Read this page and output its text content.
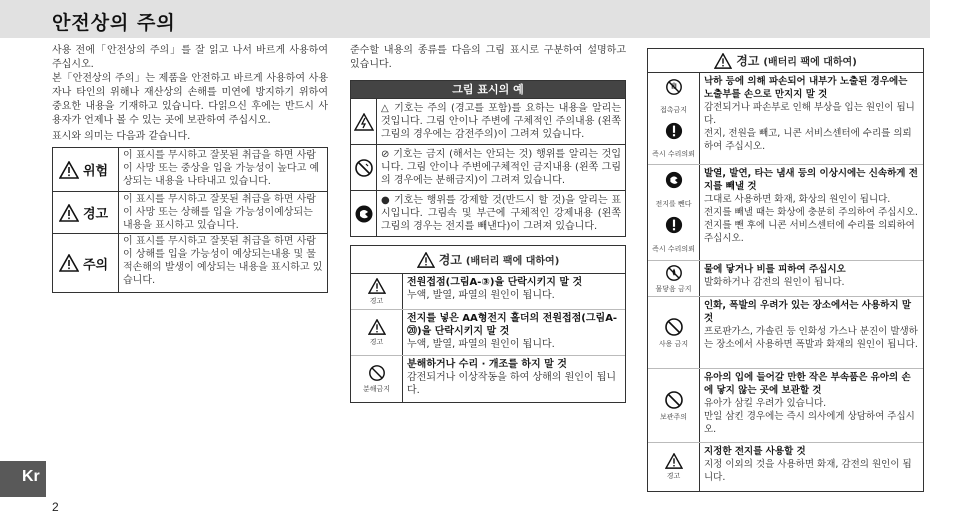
안전상의 주의

사용 전에「안전상의 주의」를 잘 읽고 나서 바르게 사용하여 주십시오.

본「안전상의 주의」는 제품을 안전하고 바르게 사용하여 사용자나 타인의 위해나 재산상의 손해를 미연에 방지하기 위하여 중요한 내용을 기재하고 있습니다. 다읽으신 후에는 반드시 사용자가 언제나 볼 수 있는 곳에 보관하여 주십시오.

표시와 의미는 다음과 같습니다.

위험
이 표시를 무시하고 잘못된 취급을 하면 사람이 사망 또는 중상을 입을 가능성이 높다고 예상되는 내용을 나타내고 있습니다.
경고
이 표시를 무시하고 잘못된 취급을 하면 사람이 사망 또는 상해를 입을 가능성이예상되는 내용을 표시하고 있습니다.
주의
이 표시를 무시하고 잘못된 취급을 하면 사람이 상해를 입을 가능성이 예상되는내용 및 물적손해의 발생이 예상되는 내용을 표시하고 있습니다.

준수할 내용의 종류를 다음의 그림 표시로 구분하여 설명하고 있습니다.

그림 표시의 예
△ 기호는 주의 (경고를 포함)를 요하는 내용을 알리는 것입니다. 그림 안이나 주변에 구체적인 주의내용 (왼쪽그림의 경우에는 감전주의)이 그려져 있습니다.
⊘ 기호는 금지 (해서는 안되는 것) 행위를 알리는 것입니다. 그림 안이나 주변에구체적인 금지내용 (왼쪽 그림의 경우에는 분해금지)이 그려져 있습니다.
● 기호는 행위를 강제할 것(반드시 할 것)을 알리는 표시입니다. 그림속 및 부근에 구체적인 강제내용 (왼쪽 그림의 경우는 전지를 빼낸다)이 그려져 있습니다.
경고 (배터리 팩에 대하여)
경고
전원접점(그림A-③)을 단락시키지 말 것
누액, 발열, 파열의 원인이 됩니다.
경고
전지를 넣은 AA형전지 홀더의 전원접점(그림A-⑳)을 단락시키지 말 것
누액, 발열, 파열의 원인이 됩니다.
분해금지
분해하거나 수리 · 개조를 하지 말 것
감전되거나 이상작동을 하여 상해의 원인이 됩니다.
경고 (배터리 팩에 대하여)
접촉금지
즉시 수리의뢰
낙하 등에 의해 파손되어 내부가 노출된 경우에는 노출부를 손으로 만지지 말 것
감전되거나 파손부로 인해 부상을 입는 원인이 됩니다.
전지, 전원을 빼고, 니콘 서비스센터에 수리를 의뢰하여 주십시오.
전지를 뺀다
즉시 수리의뢰
발열, 발연, 타는 냄새 등의 이상시에는 신속하게 전지를 빼낼 것
그대로 사용하면 화재, 화상의 원인이 됩니다.
전지를 빼낼 때는 화상에 충분히 주의하여 주십시오. 전지를 뺀 후에 니콘 서비스센터에 수리를 의뢰하여 주십시오.
물닿음 금지
물에 닿거나 비를 피하여 주십시오
발화하거나 감전의 원인이 됩니다.
사용 금지
인화, 폭발의 우려가 있는 장소에서는 사용하지 말 것
프로판가스, 가솔린 등 인화성 가스나 분진이 발생하는 장소에서 사용하면 폭발과 화재의 원인이 됩니다.
보관주의
유아의 입에 들어갈 만한 작은 부속품은 유아의 손에 닿지 않는 곳에 보관할 것
유아가 삼킬 우려가 있습니다.
만일 삼킨 경우에는 즉시 의사에게 상담하여 주십시오.
경고
지정한 전지를 사용할 것
지정 이외의 것을 사용하면 화재, 감전의 원인이 됩니다.
Kr
2
